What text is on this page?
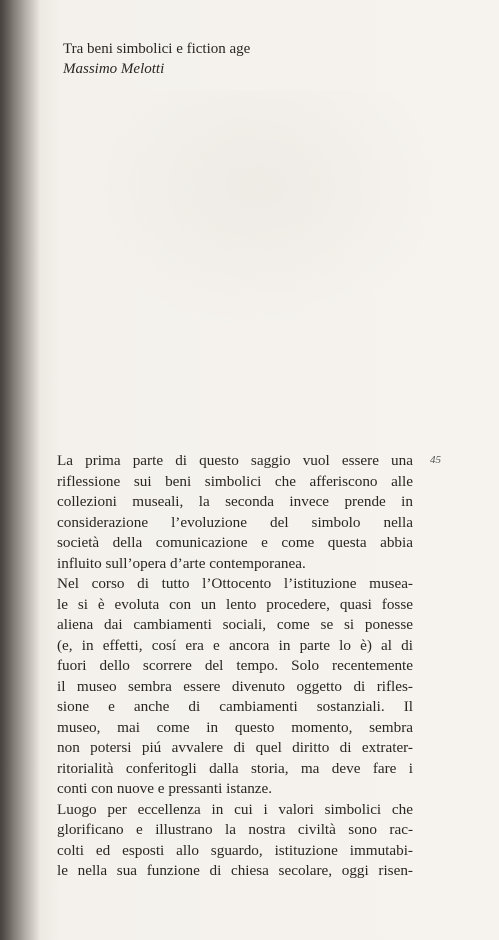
Tra beni simbolici e fiction age
Massimo Melotti
45
La prima parte di questo saggio vuol essere una
riflessione sui beni simbolici che afferiscono alle
collezioni museali, la seconda invece prende in
considerazione l’evoluzione del simbolo nella
società della comunicazione e come questa abbia
influito sull’opera d’arte contemporanea.
Nel corso di tutto l’Ottocento l’istituzione musea-
le si è evoluta con un lento procedere, quasi fosse
aliena dai cambiamenti sociali, come se si ponesse
(e, in effetti, cosí era e ancora in parte lo è) al di
fuori dello scorrere del tempo. Solo recentemente
il museo sembra essere divenuto oggetto di rifles-
sione e anche di cambiamenti sostanziali. Il
museo, mai come in questo momento, sembra
non potersi piú avvalere di quel diritto di extrater-
ritorialità conferitogli dalla storia, ma deve fare i
conti con nuove e pressanti istanze.
Luogo per eccellenza in cui i valori simbolici che
glorificano e illustrano la nostra civiltà sono rac-
colti ed esposti allo sguardo, istituzione immutabi-
le nella sua funzione di chiesa secolare, oggi risen-
